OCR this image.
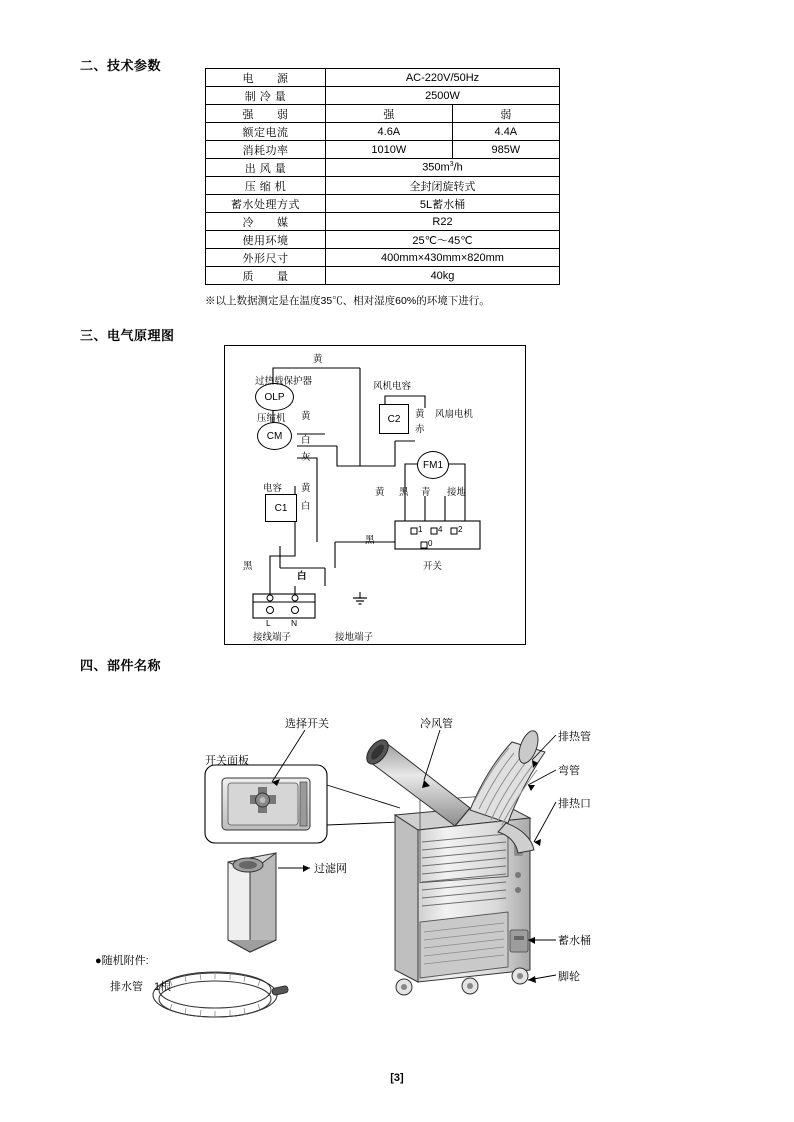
二、技术参数
电　　源	AC-220V/50Hz	
制 冷 量	2500W	
强　　弱	强	弱
额定电流	4.6A	4.4A
消耗功率	1010W	985W
出 风 量	$350m^3/h$	
压 缩 机	全封闭旋转式	
蓄水处理方式	5L蓄水桶	
冷　　媒	R22	
使用环境	25℃～45℃	
外形尺寸	400mm×430mm×820mm	
质　　量	40kg	
※以上数据测定是在温度35℃、相对湿度60%的环境下进行。
三、电气原理图
OLP
CM
FM1
C2
C1
黄
过热载保护器	风机电容
压缩机 黄
白
灰
黄
赤
风扇电机
电容 黄
白
黄 黑 青 接地
1 4 2
0
开关
黑
黑
白
L N
接线端子	接地端子
四、部件名称
选择开关
开关面板
冷风管
排热管
弯管
排热口
过滤网
蓄水桶
脚轮
●随机附件:
排水管　1根
[3]
